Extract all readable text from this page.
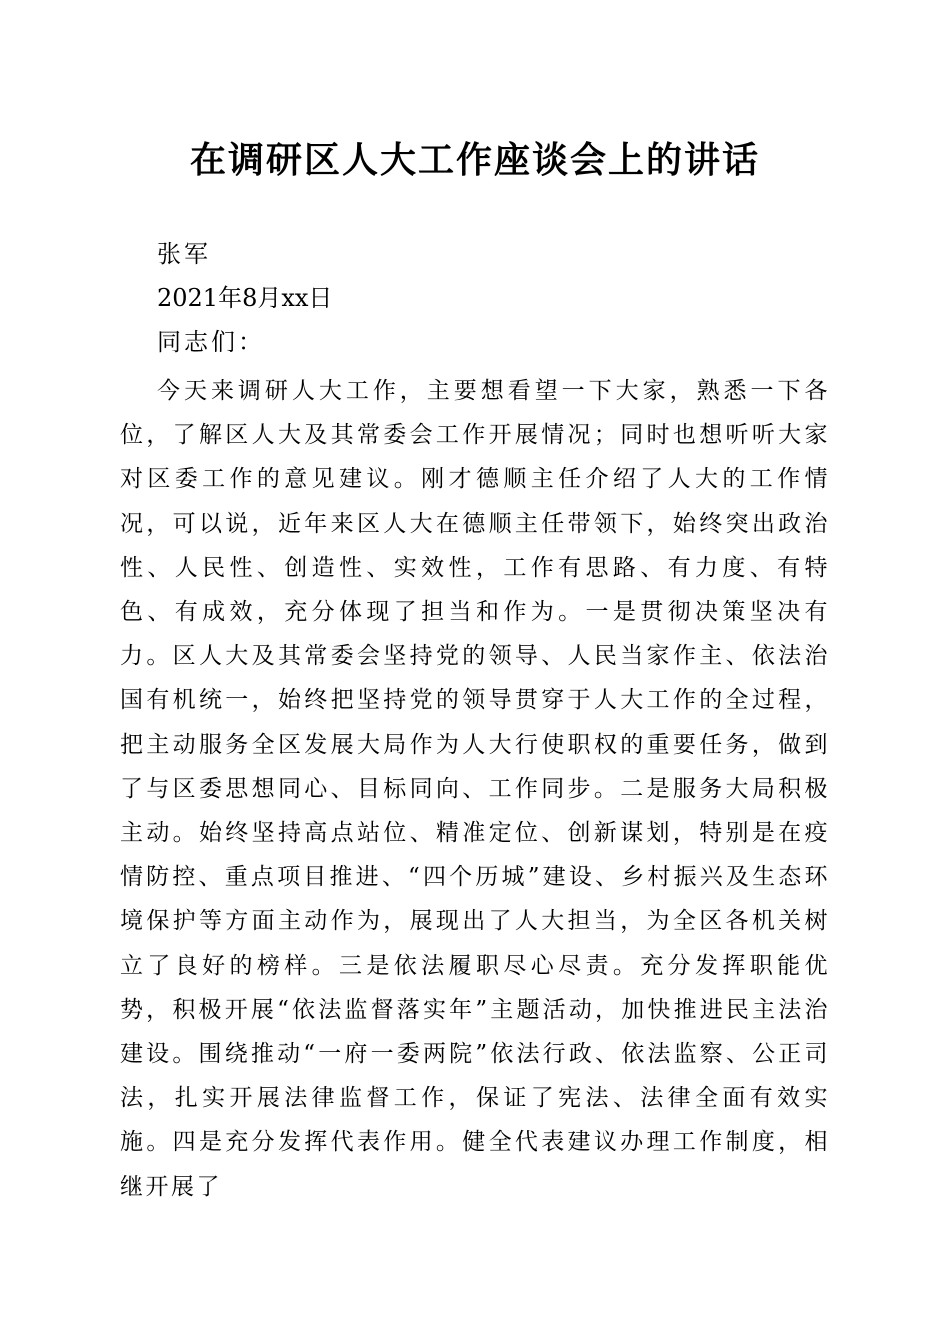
在调研区人大工作座谈会上的讲话
张军
2021年8月xx日
同志们：

今天来调研人大工作，主要想看望一下大家，熟悉一下各位，了解区人大及其常委会工作开展情况；同时也想听听大家对区委工作的意见建议。刚才德顺主任介绍了人大的工作情况，可以说，近年来区人大在德顺主任带领下，始终突出政治性、人民性、创造性、实效性，工作有思路、有力度、有特色、有成效，充分体现了担当和作为。一是贯彻决策坚决有力。区人大及其常委会坚持党的领导、人民当家作主、依法治国有机统一，始终把坚持党的领导贯穿于人大工作的全过程，把主动服务全区发展大局作为人大行使职权的重要任务，做到了与区委思想同心、目标同向、工作同步。二是服务大局积极主动。始终坚持高点站位、精准定位、创新谋划，特别是在疫情防控、重点项目推进、“四个历城”建设、乡村振兴及生态环境保护等方面主动作为，展现出了人大担当，为全区各机关树立了良好的榜样。三是依法履职尽心尽责。充分发挥职能优势，积极开展“依法监督落实年”主题活动，加快推进民主法治建设。围绕推动“一府一委两院”依法行政、依法监察、公正司法，扎实开展法律监督工作，保证了宪法、法律全面有效实施。四是充分发挥代表作用。健全代表建议办理工作制度，相继开展了
